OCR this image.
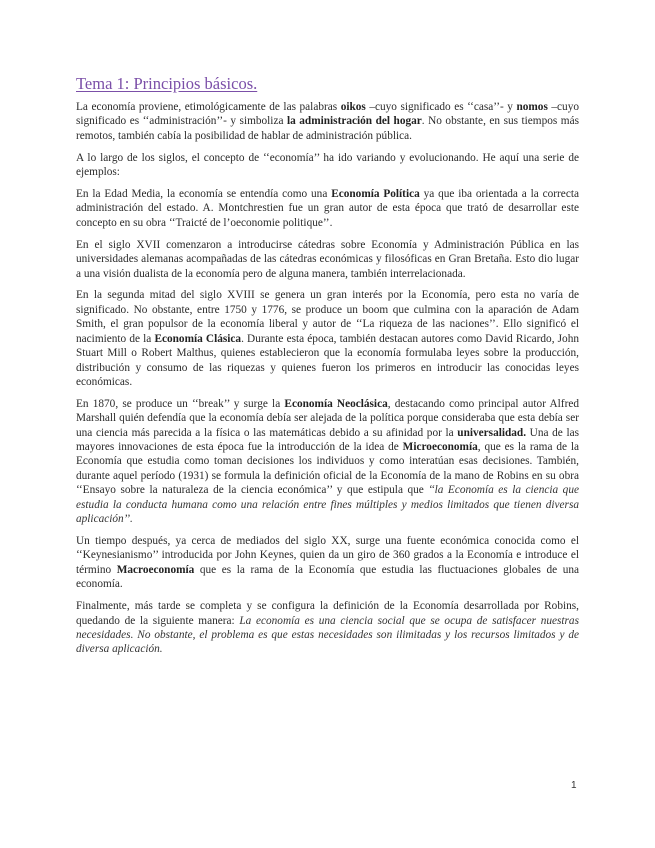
Tema 1: Principios básicos.

La economía proviene, etimológicamente de las palabras oikos –cuyo significado es ‘‘casa’’- y nomos –cuyo significado es ‘‘administración’’- y simboliza la administración del hogar. No obstante, en sus tiempos más remotos, también cabía la posibilidad de hablar de administración pública.

A lo largo de los siglos, el concepto de ‘‘economía’’ ha ido variando y evolucionando. He aquí una serie de ejemplos:

En la Edad Media, la economía se entendía como una Economía Política ya que iba orientada a la correcta administración del estado. A. Montchrestien fue un gran autor de esta época que trató de desarrollar este concepto en su obra ‘‘Traicté de l’oeconomie politique’’.

En el siglo XVII comenzaron a introducirse cátedras sobre Economía y Administración Pública en las universidades alemanas acompañadas de las cátedras económicas y filosóficas en Gran Bretaña. Esto dio lugar a una visión dualista de la economía pero de alguna manera, también interrelacionada.

En la segunda mitad del siglo XVIII se genera un gran interés por la Economía, pero esta no varía de significado. No obstante, entre 1750 y 1776, se produce un boom que culmina con la aparación de Adam Smith, el gran populsor de la economía liberal y autor de ‘‘La riqueza de las naciones’’. Ello significó el nacimiento de la Economía Clásica. Durante esta época, también destacan autores como David Ricardo, John Stuart Mill o Robert Malthus, quienes establecieron que la economía formulaba leyes sobre la producción, distribución y consumo de las riquezas y quienes fueron los primeros en introducir las conocidas leyes económicas.

En 1870, se produce un ‘‘break’’ y surge la Economía Neoclásica, destacando como principal autor Alfred Marshall quién defendía que la economía debía ser alejada de la política porque consideraba que esta debía ser una ciencia más parecida a la física o las matemáticas debido a su afinidad por la universalidad. Una de las mayores innovaciones de esta época fue la introducción de la idea de Microeconomía, que es la rama de la Economía que estudia como toman decisiones los individuos y como interatúan esas decisiones. También, durante aquel período (1931) se formula la definición oficial de la Economía de la mano de Robins en su obra ‘‘Ensayo sobre la naturaleza de la ciencia económica’’ y que estipula que ‘‘la Economía es la ciencia que estudia la conducta humana como una relación entre fines múltiples y medios limitados que tienen diversa aplicación’’.

Un tiempo después, ya cerca de mediados del siglo XX, surge una fuente económica conocida como el ‘‘Keynesianismo’’ introducida por John Keynes, quien da un giro de 360 grados a la Economía e introduce el término Macroeconomía que es la rama de la Economía que estudia las fluctuaciones globales de una economía.

Finalmente, más tarde se completa y se configura la definición de la Economía desarrollada por Robins, quedando de la siguiente manera: La economía es una ciencia social que se ocupa de satisfacer nuestras necesidades. No obstante, el problema es que estas necesidades son ilimitadas y los recursos limitados y de diversa aplicación.

1
